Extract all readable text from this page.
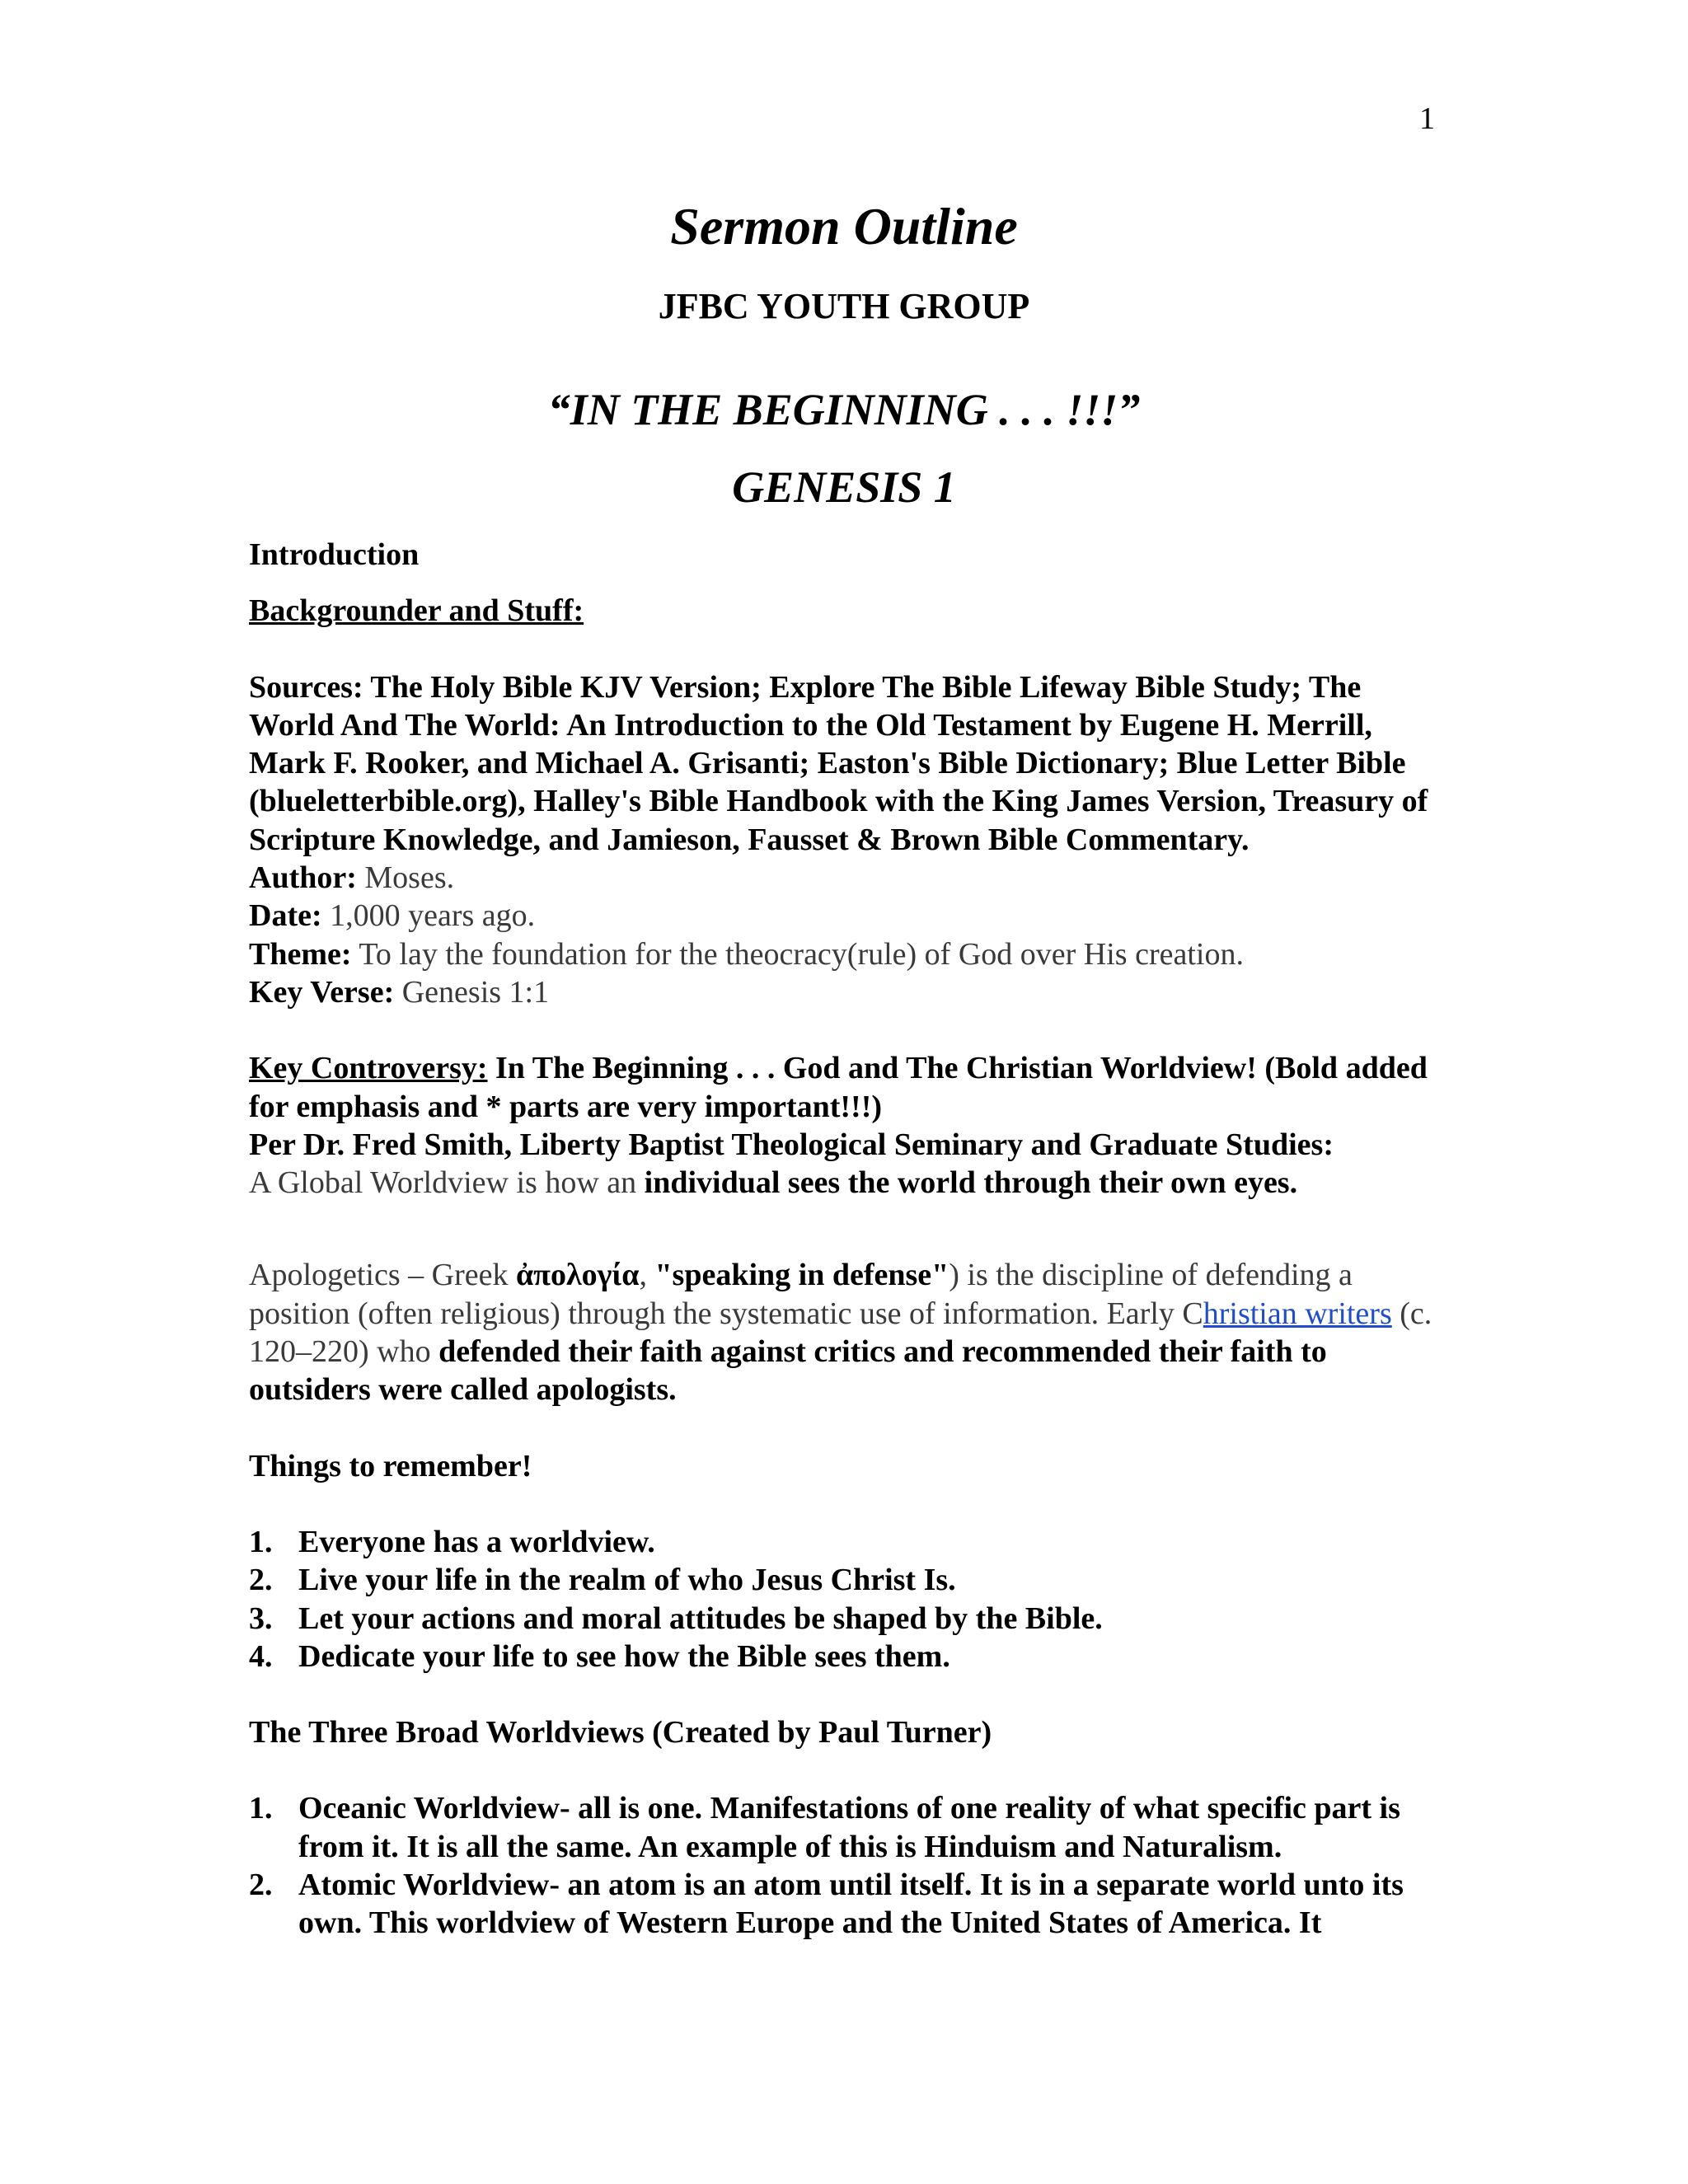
1
Sermon Outline
JFBC YOUTH GROUP
“IN THE BEGINNING . . . !!!”
GENESIS 1

Introduction

Backgrounder and Stuff:

Sources: The Holy Bible KJV Version; Explore The Bible Lifeway Bible Study; The World And The World: An Introduction to the Old Testament by Eugene H. Merrill, Mark F. Rooker, and Michael A. Grisanti; Easton's Bible Dictionary; Blue Letter Bible (blueletterbible.org), Halley's Bible Handbook with the King James Version, Treasury of Scripture Knowledge, and Jamieson, Fausset & Brown Bible Commentary.

Author: Moses.

Date: 1,000 years ago.

Theme: To lay the foundation for the theocracy(rule) of God over His creation.

Key Verse: Genesis 1:1

Key Controversy: In The Beginning . . . God and The Christian Worldview! (Bold added for emphasis and * parts are very important!!!)

Per Dr. Fred Smith, Liberty Baptist Theological Seminary and Graduate Studies:

A Global Worldview is how an individual sees the world through their own eyes.

Apologetics – Greek ἀπολογία, "speaking in defense") is the discipline of defending a position (often religious) through the systematic use of information. Early Christian writers (c. 120–220) who defended their faith against critics and recommended their faith to outsiders were called apologists.

Things to remember!

1. Everyone has a worldview.
2. Live your life in the realm of who Jesus Christ Is.
3. Let your actions and moral attitudes be shaped by the Bible.
4. Dedicate your life to see how the Bible sees them.

The Three Broad Worldviews (Created by Paul Turner)

1. Oceanic Worldview- all is one. Manifestations of one reality of what specific part is from it. It is all the same. An example of this is Hinduism and Naturalism.
2. Atomic Worldview- an atom is an atom until itself. It is in a separate world unto its own. This worldview of Western Europe and the United States of America. It
